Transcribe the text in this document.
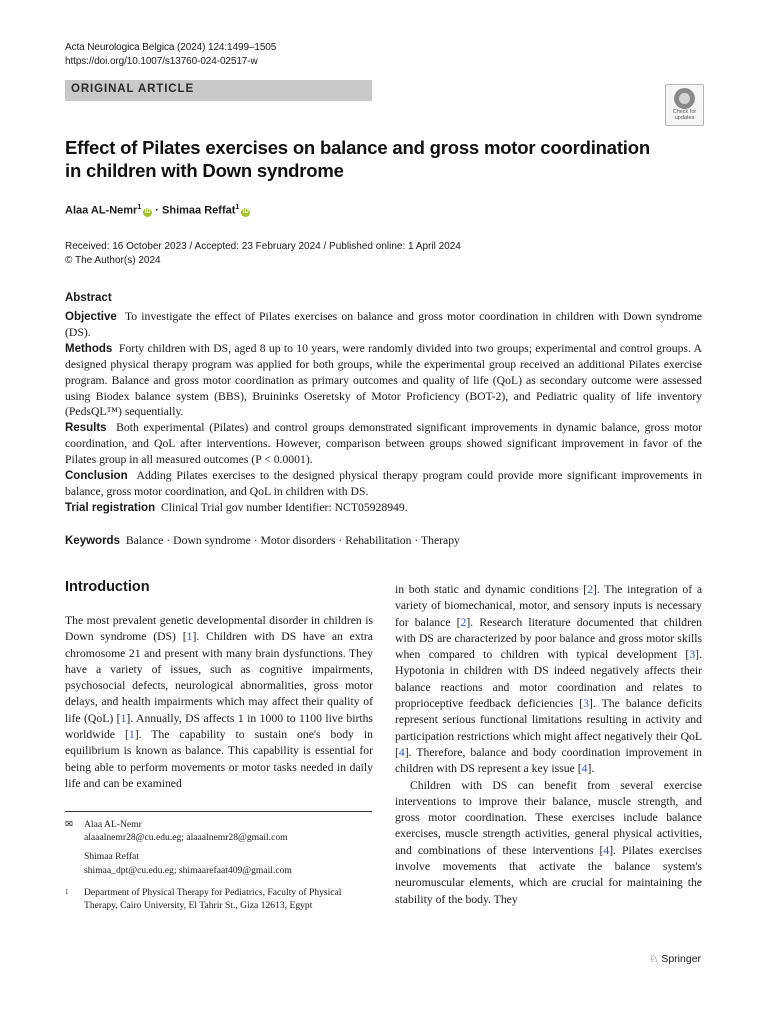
Acta Neurologica Belgica (2024) 124:1499–1505
https://doi.org/10.1007/s13760-024-02517-w
ORIGINAL ARTICLE
Check for
updates
Effect of Pilates exercises on balance and gross motor coordination in children with Down syndrome
Alaa AL-Nemr$^1$iD · Shimaa Reffat$^1$iD
Received: 16 October 2023 / Accepted: 23 February 2024 / Published online: 1 April 2024
© The Author(s) 2024
Abstract

Objective To investigate the effect of Pilates exercises on balance and gross motor coordination in children with Down syndrome (DS).

Methods Forty children with DS, aged 8 up to 10 years, were randomly divided into two groups; experimental and control groups. A designed physical therapy program was applied for both groups, while the experimental group received an additional Pilates exercise program. Balance and gross motor coordination as primary outcomes and quality of life (QoL) as secondary outcome were assessed using Biodex balance system (BBS), Bruininks Oseretsky of Motor Proficiency (BOT-2), and Pediatric quality of life inventory (PedsQL™) sequentially.

Results Both experimental (Pilates) and control groups demonstrated significant improvements in dynamic balance, gross motor coordination, and QoL after interventions. However, comparison between groups showed significant improvement in favor of the Pilates group in all measured outcomes (P < 0.0001).

Conclusion Adding Pilates exercises to the designed physical therapy program could provide more significant improvements in balance, gross motor coordination, and QoL in children with DS.

Trial registration Clinical Trial gov number Identifier: NCT05928949.

Keywords Balance · Down syndrome · Motor disorders · Rehabilitation · Therapy
Introduction

The most prevalent genetic developmental disorder in children is Down syndrome (DS) [1]. Children with DS have an extra chromosome 21 and present with many brain dysfunctions. They have a variety of issues, such as cognitive impairments, psychosocial defects, neurological abnormalities, gross motor delays, and health impairments which may affect their quality of life (QoL) [1]. Annually, DS affects 1 in 1000 to 1100 live births worldwide [1]. The capability to sustain one's body in equilibrium is known as balance. This capability is essential for being able to perform movements or motor tasks needed in daily life and can be examined

✉ Alaa AL-Nemr
alaaalnemr28@cu.edu.eg; alaaalnemr28@gmail.com
Shimaa Reffat
shimaa_dpt@cu.edu.eg; shimaarefaat409@gmail.com
1 Department of Physical Therapy for Pediatrics, Faculty of Physical Therapy, Cairo University, El Tahrir St., Giza 12613, Egypt

in both static and dynamic conditions [2]. The integration of a variety of biomechanical, motor, and sensory inputs is necessary for balance [2]. Research literature documented that children with DS are characterized by poor balance and gross motor skills when compared to children with typical development [3]. Hypotonia in children with DS indeed negatively affects their balance reactions and motor coordination and relates to proprioceptive feedback deficiencies [3]. The balance deficits represent serious functional limitations resulting in activity and participation restrictions which might affect negatively their QoL [4]. Therefore, balance and body coordination improvement in children with DS represent a key issue [4].

Children with DS can benefit from several exercise interventions to improve their balance, muscle strength, and gross motor coordination. These exercises include balance exercises, muscle strength activities, general physical activities, and combinations of these interventions [4]. Pilates exercises involve movements that activate the balance system's neuromuscular elements, which are crucial for maintaining the stability of the body. They

♘ Springer
